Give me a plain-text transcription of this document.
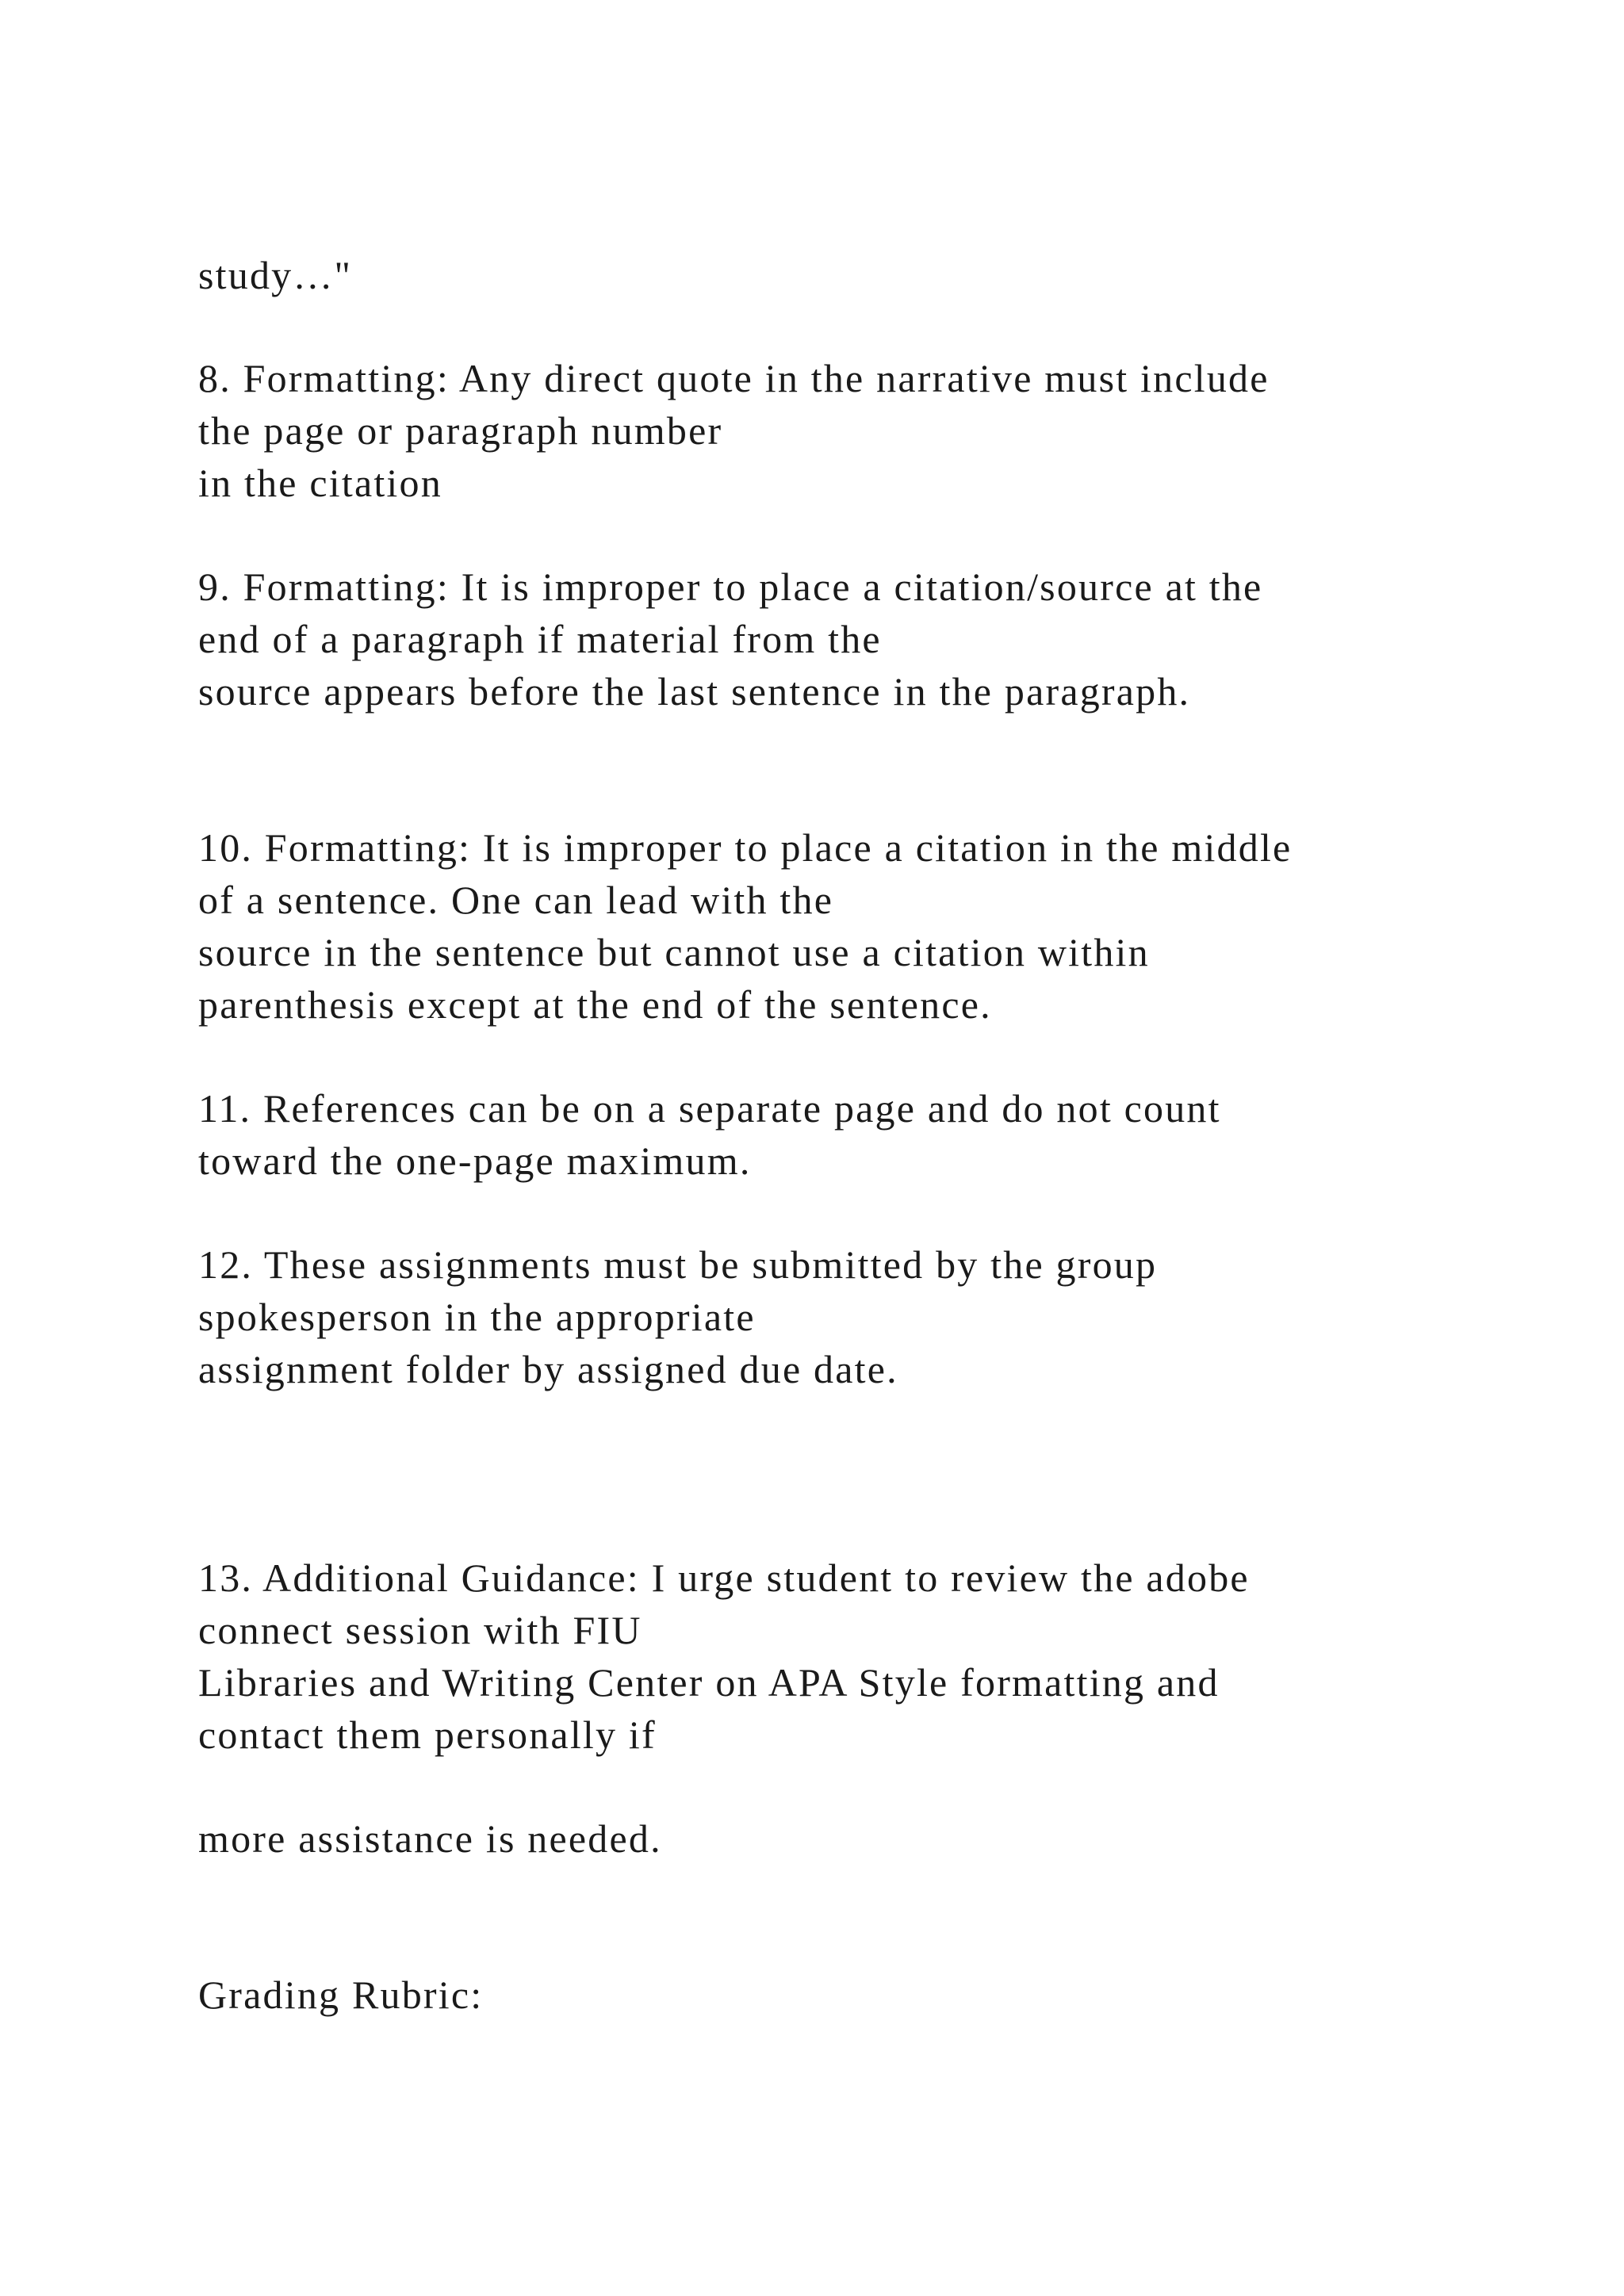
study…"

8. Formatting: Any direct quote in the narrative must include

the page or paragraph number

in the citation

9. Formatting: It is improper to place a citation/source at the

end of a paragraph if material from the

source appears before the last sentence in the paragraph.

10. Formatting: It is improper to place a citation in the middle

of a sentence. One can lead with the

source in the sentence but cannot use a citation within

parenthesis except at the end of the sentence.

11. References can be on a separate page and do not count

toward the one-page maximum.

12. These assignments must be submitted by the group

spokesperson in the appropriate

assignment folder by assigned due date.

13. Additional Guidance: I urge student to review the adobe

connect session with FIU

Libraries and Writing Center on APA Style formatting and

contact them personally if

more assistance is needed.

Grading Rubric:
